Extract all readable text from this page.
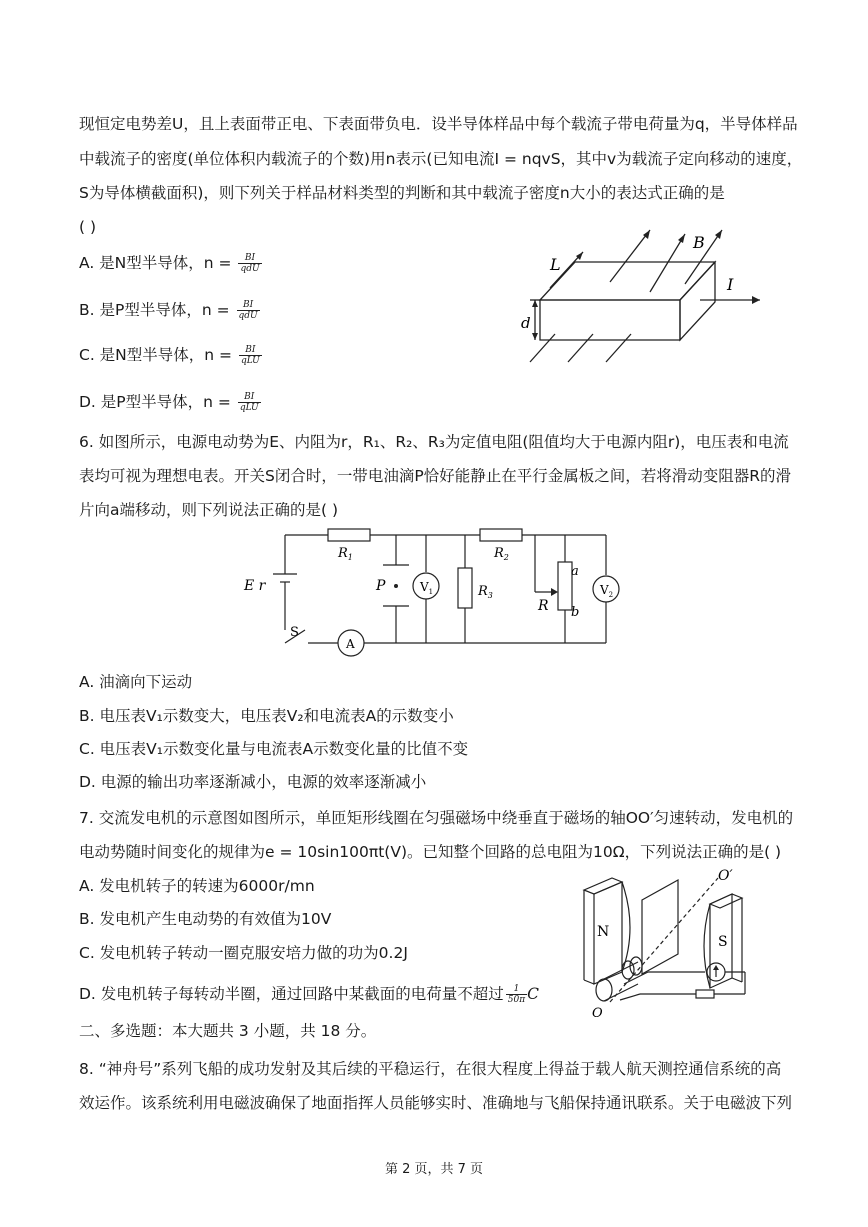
现恒定电势差U，且上表面带正电、下表面带负电．设半导体样品中每个载流子带电荷量为q，半导体样品
中载流子的密度(单位体积内载流子的个数)用n表示(已知电流I = nqvS，其中v为载流子定向移动的速度，
S为导体横截面积)，则下列关于样品材料类型的判断和其中载流子密度n大小的表达式正确的是
( )
A. 是N型半导体，$n = \frac{BI}{\text{qdU}}$
B. 是P型半导体，$n = \frac{BI}{\text{qdU}}$
C. 是N型半导体，$n = \frac{BI}{\text{qLU}}$
D. 是P型半导体，$n = \frac{BI}{\text{qLU}}$
L
B
I
d
6. 如图所示，电源电动势为E、内阻为r，R₁、R₂、R₃为定值电阻(阻值均大于电源内阻r)，电压表和电流
表均可视为理想电表。开关S闭合时，一带电油滴P恰好能静止在平行金属板之间，若将滑动变阻器R的滑
片向a端移动，则下列说法正确的是( )
$R_1$	$R_2$
$R_3$
E r	P	$V_1$	$V_2$
R
a
b
S
A
A. 油滴向下运动
B. 电压表V₁示数变大，电压表V₂和电流表A的示数变小
C. 电压表V₁示数变化量与电流表A示数变化量的比值不变
D. 电源的输出功率逐渐减小，电源的效率逐渐减小
7. 交流发电机的示意图如图所示，单匝矩形线圈在匀强磁场中绕垂直于磁场的轴OO′匀速转动，发电机的
电动势随时间变化的规律为e = 10sin100πt(V)。已知整个回路的总电阻为10Ω，下列说法正确的是( )
A. 发电机转子的转速为6000r/mn
B. 发电机产生电动势的有效值为10V
C. 发电机转子转动一圈克服安培力做的功为0.2J
D. 发电机转子每转动半圈，通过回路中某截面的电荷量不超过 $\frac{1}{50\pi}$ C
N
S
O′
O
二、多选题：本大题共 3 小题，共 18 分。
8. “神舟号”系列飞船的成功发射及其后续的平稳运行，在很大程度上得益于载人航天测控通信系统的高
效运作。该系统利用电磁波确保了地面指挥人员能够实时、准确地与飞船保持通讯联系。关于电磁波下列
第 2 页，共 7 页
